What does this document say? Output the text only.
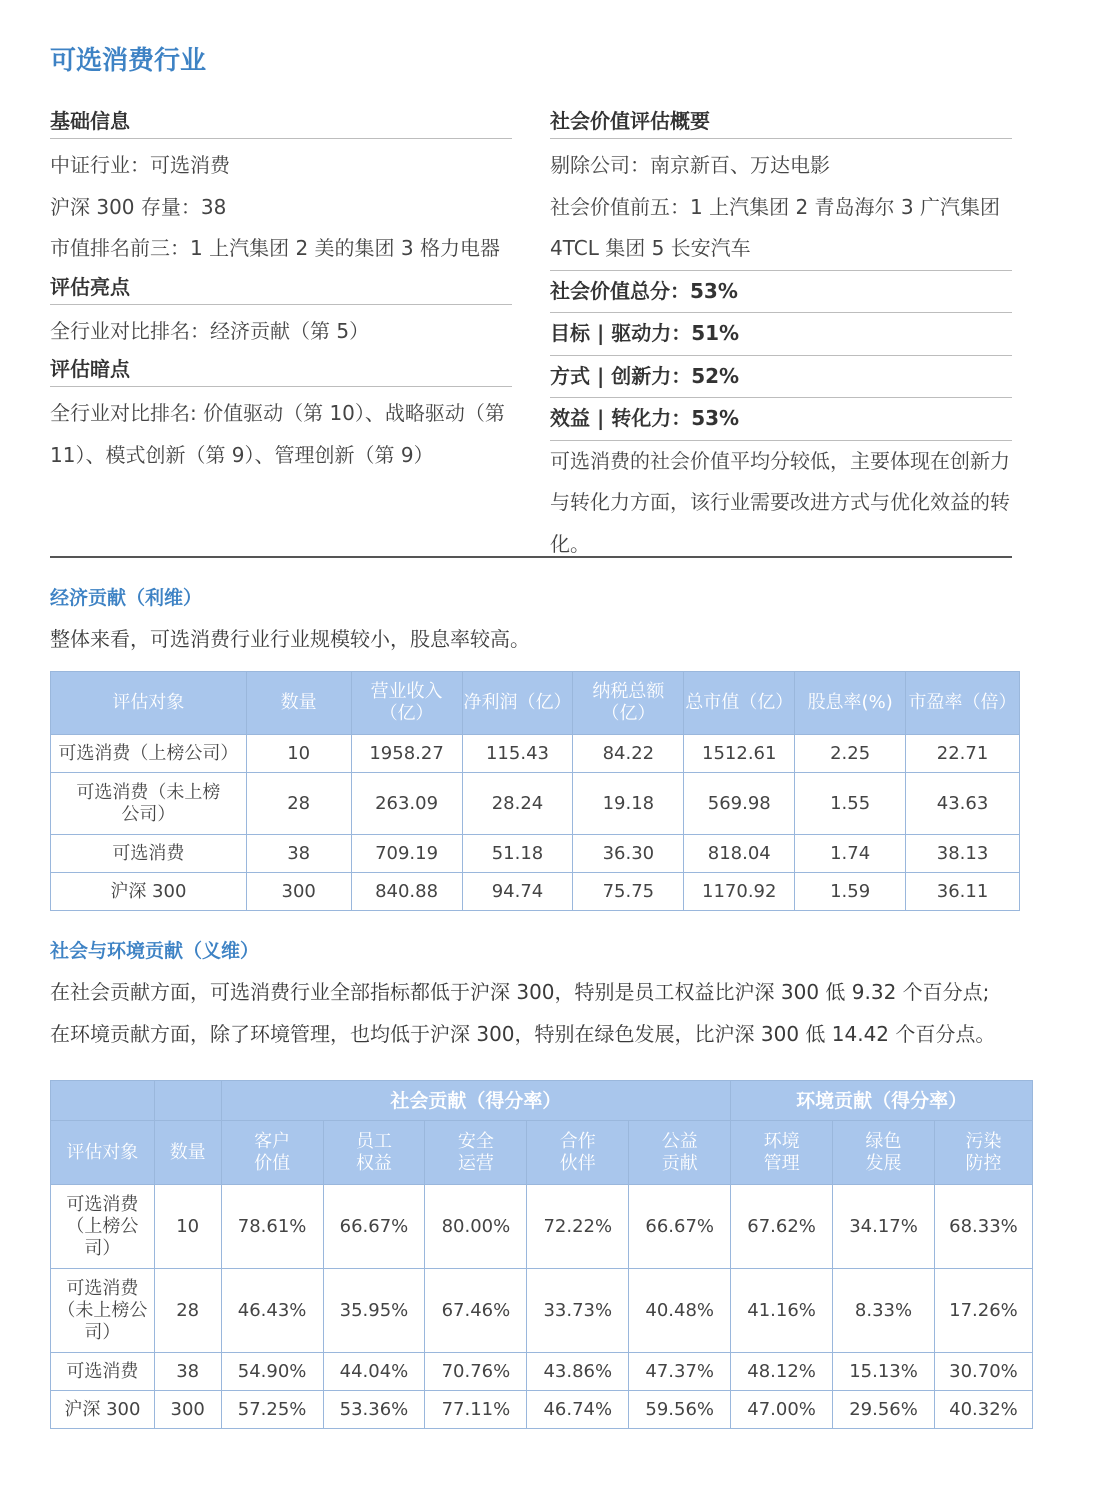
可选消费行业
基础信息
中证行业：可选消费
沪深 300 存量：38
市值排名前三：1 上汽集团 2 美的集团 3 格力电器
评估亮点
全行业对比排名：经济贡献（第 5）
评估暗点
全行业对比排名: 价值驱动（第 10）、战略驱动（第 11）、模式创新（第 9）、管理创新（第 9）
社会价值评估概要
剔除公司：南京新百、万达电影
社会价值前五：1 上汽集团 2 青岛海尔 3 广汽集团 4TCL 集团 5 长安汽车
社会价值总分：53%
目标 | 驱动力：51%
方式 | 创新力：52%
效益 | 转化力：53%
可选消费的社会价值平均分较低，主要体现在创新力与转化力方面，该行业需要改进方式与优化效益的转化。
经济贡献（利维）
整体来看，可选消费行业行业规模较小，股息率较高。
评估对象	数量	营业收入（亿）	净利润（亿）	纳税总额（亿）	总市值（亿）	股息率(%)	市盈率（倍）
可选消费（上榜公司）	10	1958.27	115.43	84.22	1512.61	2.25	22.71
可选消费（未上榜公司）	28	263.09	28.24	19.18	569.98	1.55	43.63
可选消费	38	709.19	51.18	36.30	818.04	1.74	38.13
沪深 300	300	840.88	94.74	75.75	1170.92	1.59	36.11
社会与环境贡献（义维）
在社会贡献方面，可选消费行业全部指标都低于沪深 300，特别是员工权益比沪深 300 低 9.32 个百分点;
在环境贡献方面，除了环境管理，也均低于沪深 300，特别在绿色发展，比沪深 300 低 14.42 个百分点。
		社会贡献（得分率）					环境贡献（得分率）		
评估对象	数量	客户价值	员工权益	安全运营	合作伙伴	公益贡献	环境管理	绿色发展	污染防控
可选消费（上榜公司）	10	78.61%	66.67%	80.00%	72.22%	66.67%	67.62%	34.17%	68.33%
可选消费（未上榜公司）	28	46.43%	35.95%	67.46%	33.73%	40.48%	41.16%	8.33%	17.26%
可选消费	38	54.90%	44.04%	70.76%	43.86%	47.37%	48.12%	15.13%	30.70%
沪深 300	300	57.25%	53.36%	77.11%	46.74%	59.56%	47.00%	29.56%	40.32%
